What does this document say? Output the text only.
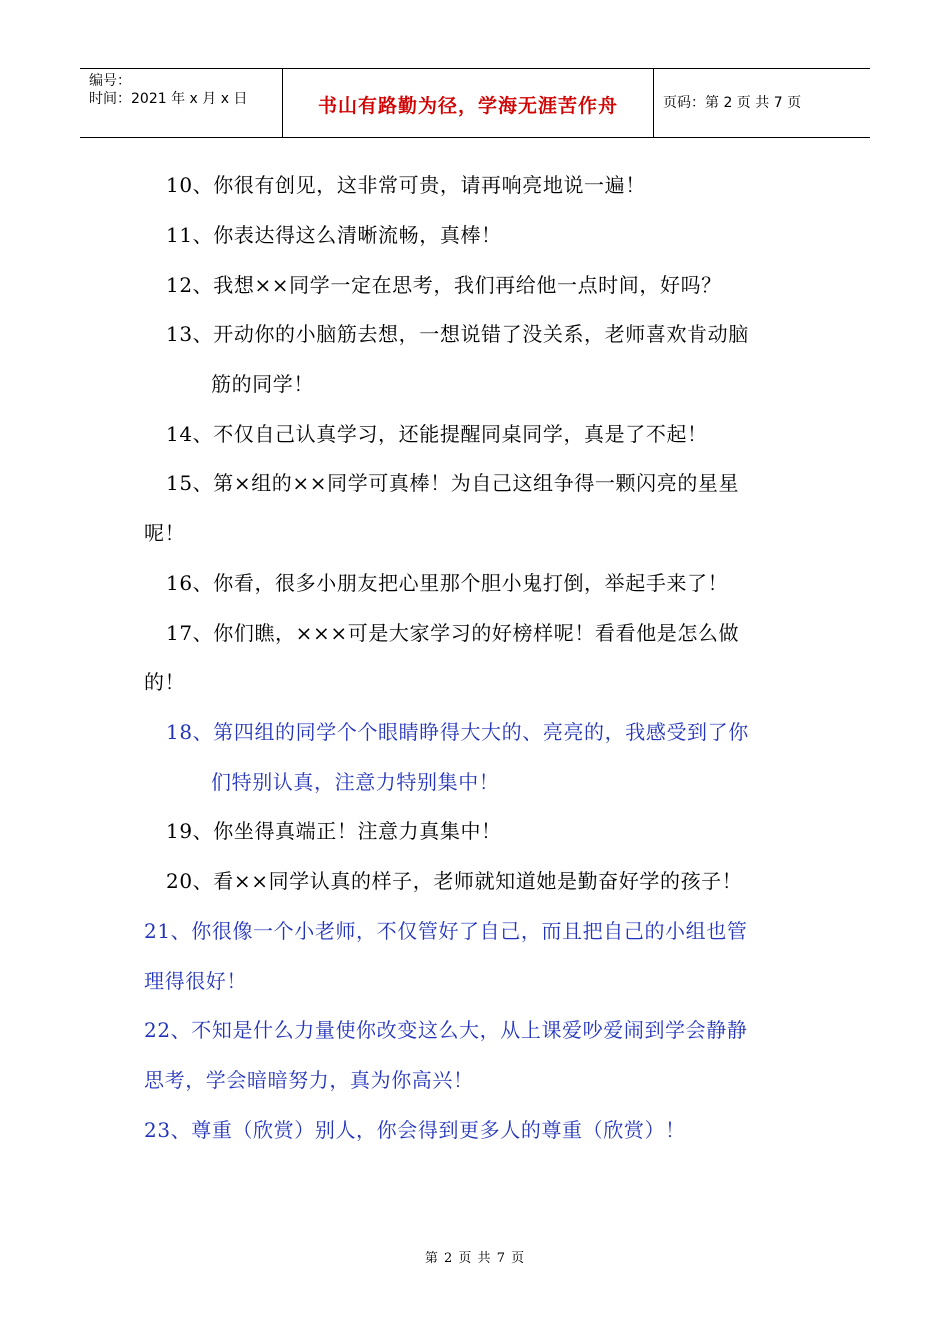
编号：
时间：2021 年 x 月 x 日	书山有路勤为径，学海无涯苦作舟	页码：第 2 页 共 7 页
10、你很有创见，这非常可贵，请再响亮地说一遍！
11、你表达得这么清晰流畅，真棒！
12、我想××同学一定在思考，我们再给他一点时间，好吗？
13、开动你的小脑筋去想，一想说错了没关系，老师喜欢肯动脑
筋的同学！
14、不仅自己认真学习，还能提醒同桌同学，真是了不起！
15、第×组的××同学可真棒！为自己这组争得一颗闪亮的星星
呢！
16、你看，很多小朋友把心里那个胆小鬼打倒，举起手来了！
17、你们瞧，×××可是大家学习的好榜样呢！看看他是怎么做
的！
18、第四组的同学个个眼睛睁得大大的、亮亮的，我感受到了你
们特别认真，注意力特别集中！
19、你坐得真端正！注意力真集中！
20、看××同学认真的样子，老师就知道她是勤奋好学的孩子！
21、你很像一个小老师，不仅管好了自己，而且把自己的小组也管
理得很好！
22、不知是什么力量使你改变这么大，从上课爱吵爱闹到学会静静
思考，学会暗暗努力，真为你高兴！
23、尊重（欣赏）别人，你会得到更多人的尊重（欣赏）！
第 2 页 共 7 页
